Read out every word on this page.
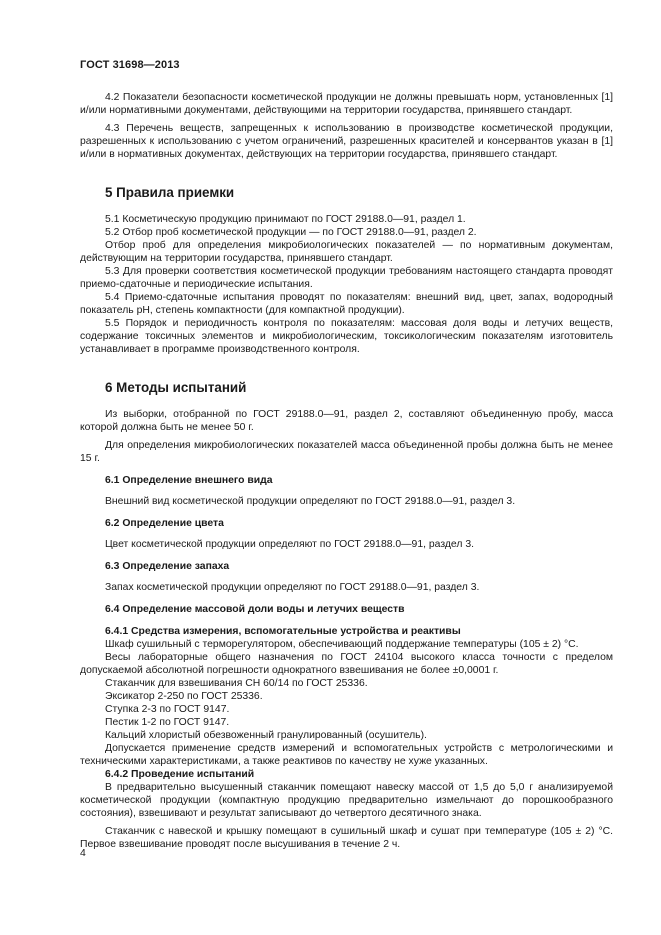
ГОСТ 31698—2013

4.2 Показатели безопасности косметической продукции не должны превышать норм, установленных [1] и/или нормативными документами, действующими на территории государства, принявшего стандарт.

4.3 Перечень веществ, запрещенных к использованию в производстве косметической продукции, разрешенных к использованию с учетом ограничений, разрешенных красителей и консервантов указан в [1] и/или в нормативных документах, действующих на территории государства, принявшего стандарт.

5 Правила приемки

5.1 Косметическую продукцию принимают по ГОСТ 29188.0—91, раздел 1.

5.2 Отбор проб косметической продукции — по ГОСТ 29188.0—91, раздел 2.

Отбор проб для определения микробиологических показателей — по нормативным документам, действующим на территории государства, принявшего стандарт.

5.3 Для проверки соответствия косметической продукции требованиям настоящего стандарта проводят приемо-сдаточные и периодические испытания.

5.4 Приемо-сдаточные испытания проводят по показателям: внешний вид, цвет, запах, водородный показатель pH, степень компактности (для компактной продукции).

5.5 Порядок и периодичность контроля по показателям: массовая доля воды и летучих веществ, содержание токсичных элементов и микробиологическим, токсикологическим показателям изготовитель устанавливает в программе производственного контроля.

6 Методы испытаний

Из выборки, отобранной по ГОСТ 29188.0—91, раздел 2, составляют объединенную пробу, масса которой должна быть не менее 50 г.

Для определения микробиологических показателей масса объединенной пробы должна быть не менее 15 г.

6.1 Определение внешнего вида

Внешний вид косметической продукции определяют по ГОСТ 29188.0—91, раздел 3.

6.2 Определение цвета

Цвет косметической продукции определяют по ГОСТ 29188.0—91, раздел 3.

6.3 Определение запаха

Запах косметической продукции определяют по ГОСТ 29188.0—91, раздел 3.

6.4 Определение массовой доли воды и летучих веществ
6.4.1 Средства измерения, вспомогательные устройства и реактивы

Шкаф сушильный с терморегулятором, обеспечивающий поддержание температуры (105 ± 2) °С.

Весы лабораторные общего назначения по ГОСТ 24104 высокого класса точности с пределом допускаемой абсолютной погрешности однократного взвешивания не более ±0,0001 г.

Стаканчик для взвешивания СН 60/14 по ГОСТ 25336.

Эксикатор 2-250 по ГОСТ 25336.

Ступка 2-3 по ГОСТ 9147.

Пестик 1-2 по ГОСТ 9147.

Кальций хлористый обезвоженный гранулированный (осушитель).

Допускается применение средств измерений и вспомогательных устройств с метрологическими и техническими характеристиками, а также реактивов по качеству не хуже указанных.

6.4.2 Проведение испытаний

В предварительно высушенный стаканчик помещают навеску массой от 1,5 до 5,0 г анализируемой косметической продукции (компактную продукцию предварительно измельчают до порошкообразного состояния), взвешивают и результат записывают до четвертого десятичного знака.

Стаканчик с навеской и крышку помещают в сушильный шкаф и сушат при температуре (105 ± 2) °С. Первое взвешивание проводят после высушивания в течение 2 ч.

4
